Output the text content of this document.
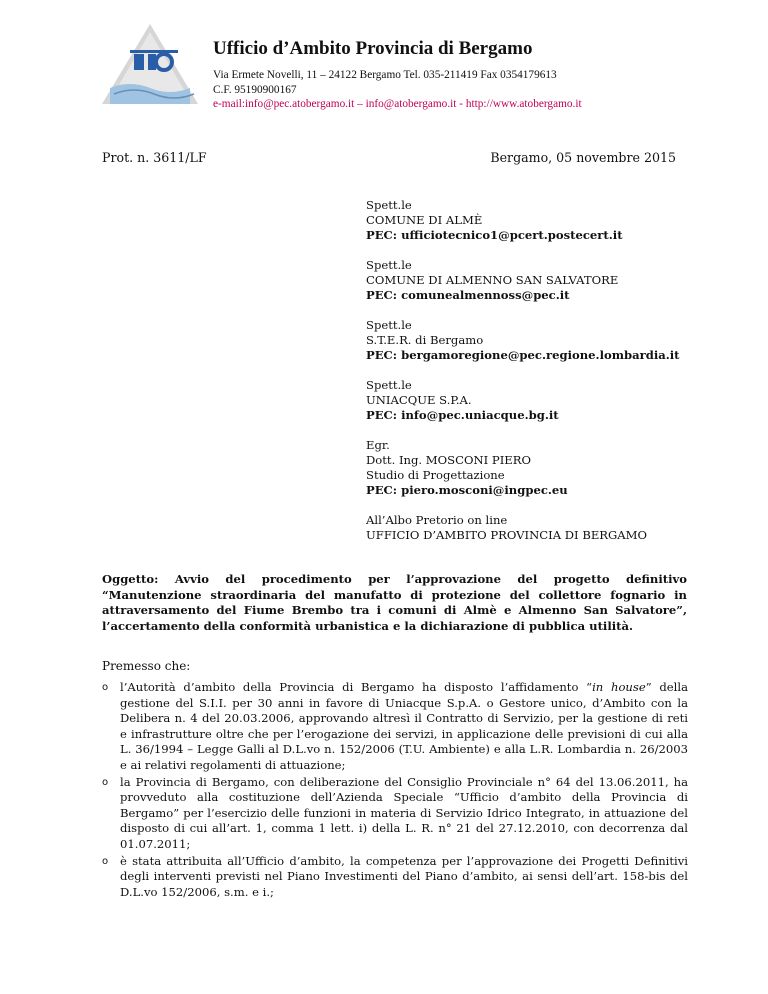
Ufficio d’Ambito Provincia di Bergamo
Via Ermete Novelli, 11 – 24122 Bergamo Tel. 035-211419 Fax 0354179613
C.F. 95190900167
e-mail:info@pec.atobergamo.it – info@atobergamo.it - http://www.atobergamo.it
Prot. n. 3611/LF	Bergamo, 05 novembre 2015
Spett.le
COMUNE DI ALMÈ
PEC: ufficiotecnico1@pcert.postecert.it
Spett.le
COMUNE DI ALMENNO SAN SALVATORE
PEC: comunealmennoss@pec.it
Spett.le
S.T.E.R. di Bergamo
PEC: bergamoregione@pec.regione.lombardia.it
Spett.le
UNIACQUE S.P.A.
PEC: info@pec.uniacque.bg.it
Egr.
Dott. Ing. MOSCONI PIERO
Studio di Progettazione
PEC: piero.mosconi@ingpec.eu
All’Albo Pretorio on line
UFFICIO D’AMBITO PROVINCIA DI BERGAMO
Oggetto: Avvio del procedimento per l’approvazione del progetto definitivo “Manutenzione straordinaria del manufatto di protezione del collettore fognario in attraversamento del Fiume Brembo tra i comuni di Almè e Almenno San Salvatore”, l’accertamento della conformità urbanistica e la dichiarazione di pubblica utilità.
Premesso che:
o l’Autorità d’ambito della Provincia di Bergamo ha disposto l’affidamento “in house” della gestione del S.I.I. per 30 anni in favore di Uniacque S.p.A. o Gestore unico, d’Ambito con la Delibera n. 4 del 20.03.2006, approvando altresì il Contratto di Servizio, per la gestione di reti e infrastrutture oltre che per l’erogazione dei servizi, in applicazione delle previsioni di cui alla L. 36/1994 – Legge Galli al D.L.vo n. 152/2006 (T.U. Ambiente) e alla L.R. Lombardia n. 26/2003 e ai relativi regolamenti di attuazione;
o la Provincia di Bergamo, con deliberazione del Consiglio Provinciale n° 64 del 13.06.2011, ha provveduto alla costituzione dell’Azienda Speciale “Ufficio d’ambito della Provincia di Bergamo” per l’esercizio delle funzioni in materia di Servizio Idrico Integrato, in attuazione del disposto di cui all’art. 1, comma 1 lett. i) della L. R. n° 21 del 27.12.2010, con decorrenza dal 01.07.2011;
o è stata attribuita all’Ufficio d’ambito, la competenza per l’approvazione dei Progetti Definitivi degli interventi previsti nel Piano Investimenti del Piano d’ambito, ai sensi dell’art. 158-bis del D.L.vo 152/2006, s.m. e i.;
